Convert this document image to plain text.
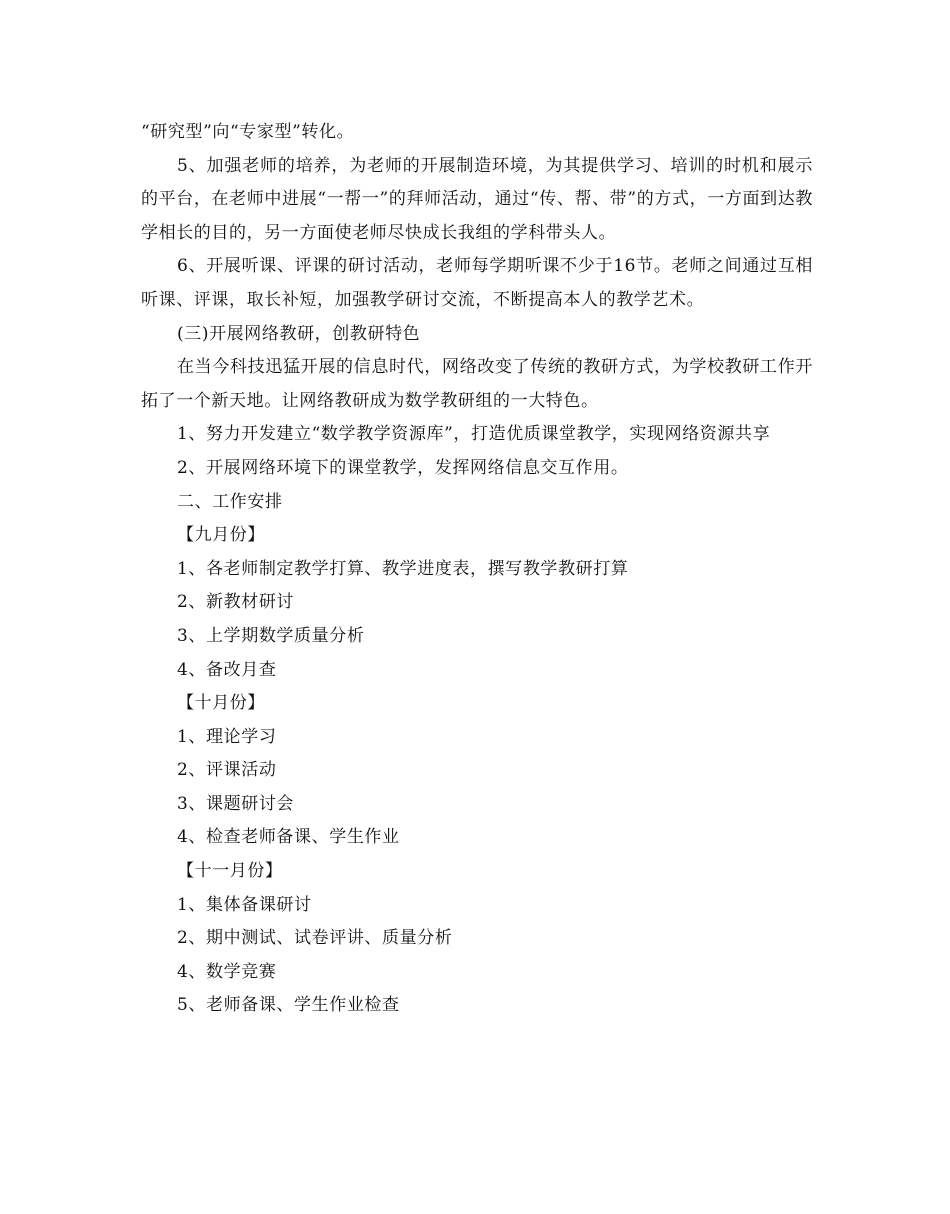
“研究型”向“专家型”转化。

5、加强老师的培养，为老师的开展制造环境，为其提供学习、培训的时机和展示的平台，在老师中进展“一帮一”的拜师活动，通过“传、帮、带”的方式，一方面到达教学相长的目的，另一方面使老师尽快成长我组的学科带头人。

6、开展听课、评课的研讨活动，老师每学期听课不少于16节。老师之间通过互相听课、评课，取长补短，加强教学研讨交流，不断提高本人的教学艺术。

(三)开展网络教研，创教研特色

在当今科技迅猛开展的信息时代，网络改变了传统的教研方式，为学校教研工作开拓了一个新天地。让网络教研成为数学教研组的一大特色。

1、努力开发建立“数学教学资源库”，打造优质课堂教学，实现网络资源共享

2、开展网络环境下的课堂教学，发挥网络信息交互作用。

二、工作安排

【九月份】

1、各老师制定教学打算、教学进度表，撰写教学教研打算

2、新教材研讨

3、上学期数学质量分析

4、备改月查

【十月份】

1、理论学习

2、评课活动

3、课题研讨会

4、检查老师备课、学生作业

【十一月份】

1、集体备课研讨

2、期中测试、试卷评讲、质量分析

4、数学竞赛

5、老师备课、学生作业检查
